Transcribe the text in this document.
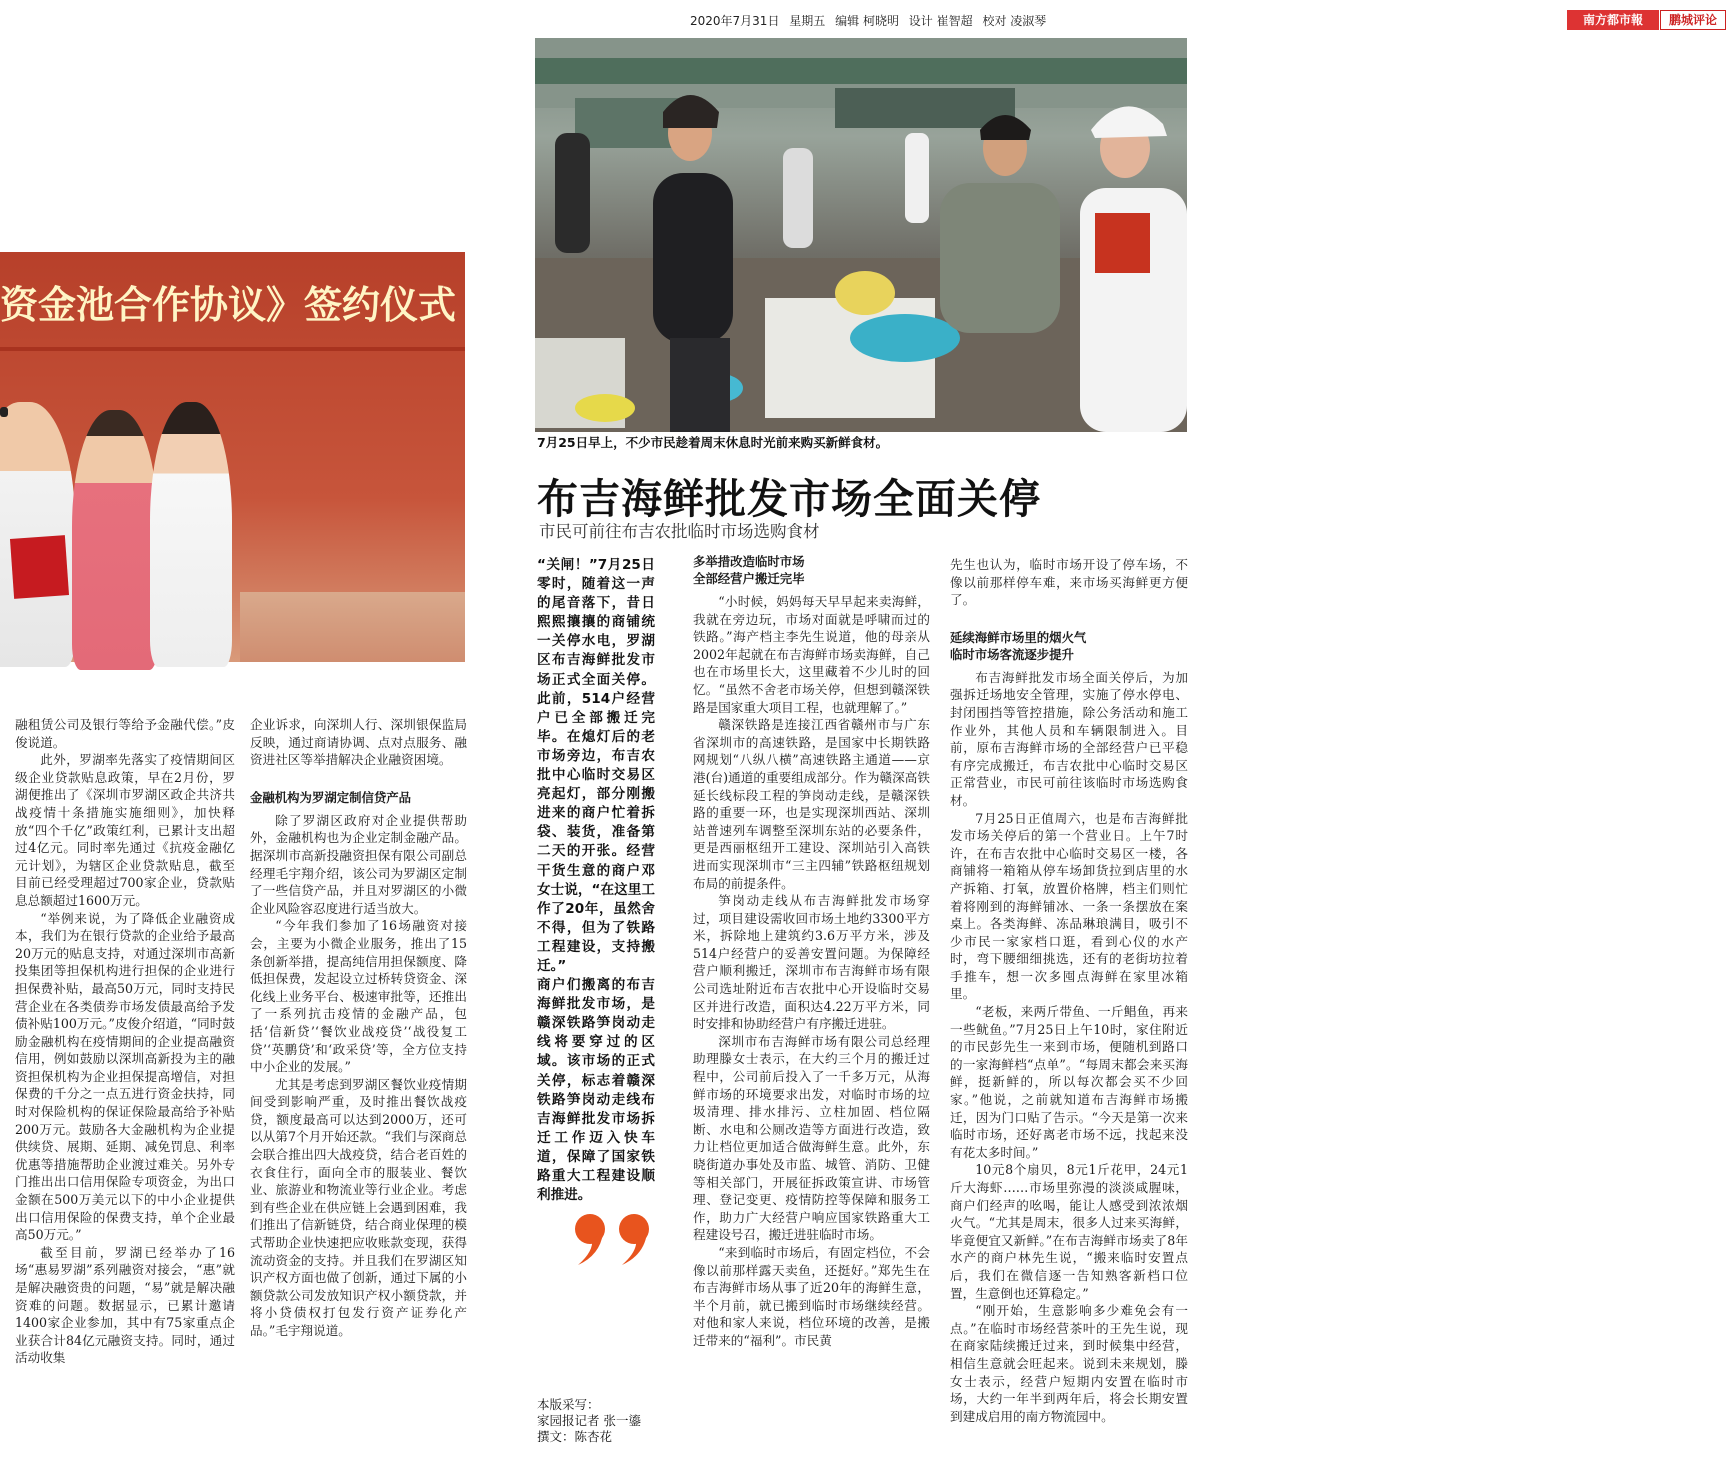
2020年7月31日 星期五 编辑 柯晓明 设计 崔智超 校对 凌淑琴	南方都市報	鹏城评论
资金池合作协议》签约仪式
7月25日早上，不少市民趁着周末休息时光前来购买新鲜食材。
布吉海鲜批发市场全面关停
市民可前往布吉农批临时市场选购食材

“关闸！”7月25日零时，随着这一声的尾音落下，昔日熙熙攘攘的商铺统一关停水电，罗湖区布吉海鲜批发市场正式全面关停。此前，514户经营户已全部搬迁完毕。在熄灯后的老市场旁边，布吉农批中心临时交易区亮起灯，部分刚搬进来的商户忙着拆袋、装货，准备第二天的开张。经营干货生意的商户邓女士说，“在这里工作了20年，虽然舍不得，但为了铁路工程建设，支持搬迁。”

商户们搬离的布吉海鲜批发市场，是赣深铁路笋岗动走线将要穿过的区域。该市场的正式关停，标志着赣深铁路笋岗动走线布吉海鲜批发市场拆迁工作迈入快车道，保障了国家铁路重大工程建设顺利推进。

本版采写：
家园报记者 张一鎏
撰文：陈杏花
多举措改造临时市场
全部经营户搬迁完毕

“小时候，妈妈每天早早起来卖海鲜，我就在旁边玩，市场对面就是呼啸而过的铁路。”海产档主李先生说道，他的母亲从2002年起就在布吉海鲜市场卖海鲜，自己也在市场里长大，这里藏着不少儿时的回忆。“虽然不舍老市场关停，但想到赣深铁路是国家重大项目工程，也就理解了。”

赣深铁路是连接江西省赣州市与广东省深圳市的高速铁路，是国家中长期铁路网规划“八纵八横”高速铁路主通道——京港(台)通道的重要组成部分。作为赣深高铁延长线标段工程的笋岗动走线，是赣深铁路的重要一环，也是实现深圳西站、深圳站普速列车调整至深圳东站的必要条件，更是西丽枢纽开工建设、深圳站引入高铁进而实现深圳市“三主四辅”铁路枢纽规划布局的前提条件。

笋岗动走线从布吉海鲜批发市场穿过，项目建设需收回市场土地约3300平方米，拆除地上建筑约3.6万平方米，涉及514户经营户的妥善安置问题。为保障经营户顺利搬迁，深圳市布吉海鲜市场有限公司选址附近布吉农批中心开设临时交易区并进行改造，面积达4.22万平方米，同时安排和协助经营户有序搬迁进驻。

深圳市布吉海鲜市场有限公司总经理助理滕女士表示，在大约三个月的搬迁过程中，公司前后投入了一千多万元，从海鲜市场的环境要求出发，对临时市场的垃圾清理、排水排污、立柱加固、档位隔断、水电和公厕改造等方面进行改造，致力让档位更加适合做海鲜生意。此外，东晓街道办事处及市监、城管、消防、卫健等相关部门，开展征拆政策宣讲、市场管理、登记变更、疫情防控等保障和服务工作，助力广大经营户响应国家铁路重大工程建设号召，搬迁进驻临时市场。

“来到临时市场后，有固定档位，不会像以前那样露天卖鱼，还挺好。”郑先生在布吉海鲜市场从事了近20年的海鲜生意，半个月前，就已搬到临时市场继续经营。对他和家人来说，档位环境的改善，是搬迁带来的“福利”。市民黄

先生也认为，临时市场开设了停车场，不像以前那样停车难，来市场买海鲜更方便了。

延续海鲜市场里的烟火气
临时市场客流逐步提升

布吉海鲜批发市场全面关停后，为加强拆迁场地安全管理，实施了停水停电、封闭围挡等管控措施，除公务活动和施工作业外，其他人员和车辆限制进入。目前，原布吉海鲜市场的全部经营户已平稳有序完成搬迁，布吉农批中心临时交易区正常营业，市民可前往该临时市场选购食材。

7月25日正值周六，也是布吉海鲜批发市场关停后的第一个营业日。上午7时许，在布吉农批中心临时交易区一楼，各商铺将一箱箱从停车场卸货拉到店里的水产拆箱、打氧，放置价格牌，档主们则忙着将刚到的海鲜铺冰、一条一条摆放在案桌上。各类海鲜、冻品琳琅满目，吸引不少市民一家家档口逛，看到心仪的水产时，弯下腰细细挑选，还有的老街坊拉着手推车，想一次多囤点海鲜在家里冰箱里。

“老板，来两斤带鱼、一斤鲳鱼，再来一些鱿鱼。”7月25日上午10时，家住附近的市民彭先生一来到市场，便随机到路口的一家海鲜档“点单”。“每周末都会来买海鲜，挺新鲜的，所以每次都会买不少回家。”他说，之前就知道布吉海鲜市场搬迁，因为门口贴了告示。“今天是第一次来临时市场，还好离老市场不远，找起来没有花太多时间。”

10元8个扇贝，8元1斤花甲，24元1斤大海虾……市场里弥漫的淡淡咸腥味，商户们经声的吆喝，能让人感受到浓浓烟火气。“尤其是周末，很多人过来买海鲜，毕竟便宜又新鲜。”在布吉海鲜市场卖了8年水产的商户林先生说，“搬来临时安置点后，我们在微信逐一告知熟客新档口位置，生意倒也还算稳定。”

“刚开始，生意影响多少难免会有一点。”在临时市场经营茶叶的王先生说，现在商家陆续搬迁过来，到时候集中经营，相信生意就会旺起来。说到未来规划，滕女士表示，经营户短期内安置在临时市场，大约一年半到两年后，将会长期安置到建成启用的南方物流园中。

融租赁公司及银行等给予金融代偿。”皮俊说道。

此外，罗湖率先落实了疫情期间区级企业贷款贴息政策，早在2月份，罗湖便推出了《深圳市罗湖区政企共济共战疫情十条措施实施细则》，加快释放“四个千亿”政策红利，已累计支出超过4亿元。同时率先通过《抗疫金融亿元计划》，为辖区企业贷款贴息，截至目前已经受理超过700家企业，贷款贴息总额超过1600万元。

“举例来说，为了降低企业融资成本，我们为在银行贷款的企业给予最高20万元的贴息支持，对通过深圳市高新投集团等担保机构进行担保的企业进行担保费补贴，最高50万元，同时支持民营企业在各类债券市场发债最高给予发债补贴100万元。”皮俊介绍道，“同时鼓励金融机构在疫情期间的企业提高融资信用，例如鼓励以深圳高新投为主的融资担保机构为企业担保提高增信，对担保费的千分之一点五进行资金扶持，同时对保险机构的保证保险最高给予补贴200万元。鼓励各大金融机构为企业提供续贷、展期、延期、减免罚息、利率优惠等措施帮助企业渡过难关。另外专门推出出口信用保险专项资金，为出口金额在500万美元以下的中小企业提供出口信用保险的保费支持，单个企业最高50万元。”

截至目前，罗湖已经举办了16场“惠易罗湖”系列融资对接会，“惠”就是解决融资贵的问题，“易”就是解决融资难的问题。数据显示，已累计邀请1400家企业参加，其中有75家重点企业获合计84亿元融资支持。同时，通过活动收集

企业诉求，向深圳人行、深圳银保监局反映，通过商请协调、点对点服务、融资进社区等举措解决企业融资困境。

金融机构为罗湖定制信贷产品

除了罗湖区政府对企业提供帮助外，金融机构也为企业定制金融产品。据深圳市高新投融资担保有限公司副总经理毛宇翔介绍，该公司为罗湖区定制了一些信贷产品，并且对罗湖区的小微企业风险容忍度进行适当放大。

“今年我们参加了16场融资对接会，主要为小微企业服务，推出了15条创新举措，提高纯信用担保额度、降低担保费，发起设立过桥转贷资金、深化线上业务平台、极速审批等，还推出了一系列抗击疫情的金融产品，包括‘信新贷’‘餐饮业战疫贷’‘战役复工贷’‘英鹏贷’和‘政采贷’等，全方位支持中小企业的发展。”

尤其是考虑到罗湖区餐饮业疫情期间受到影响严重，及时推出餐饮战疫贷，额度最高可以达到2000万，还可以从第7个月开始还款。“我们与深商总会联合推出四大战疫贷，结合老百姓的衣食住行，面向全市的服装业、餐饮业、旅游业和物流业等行业企业。考虑到有些企业在供应链上会遇到困难，我们推出了信新链贷，结合商业保理的模式帮助企业快速把应收账款变现，获得流动资金的支持。并且我们在罗湖区知识产权方面也做了创新，通过下属的小额贷款公司发放知识产权小额贷款，并将小贷债权打包发行资产证券化产品。”毛宇翔说道。
